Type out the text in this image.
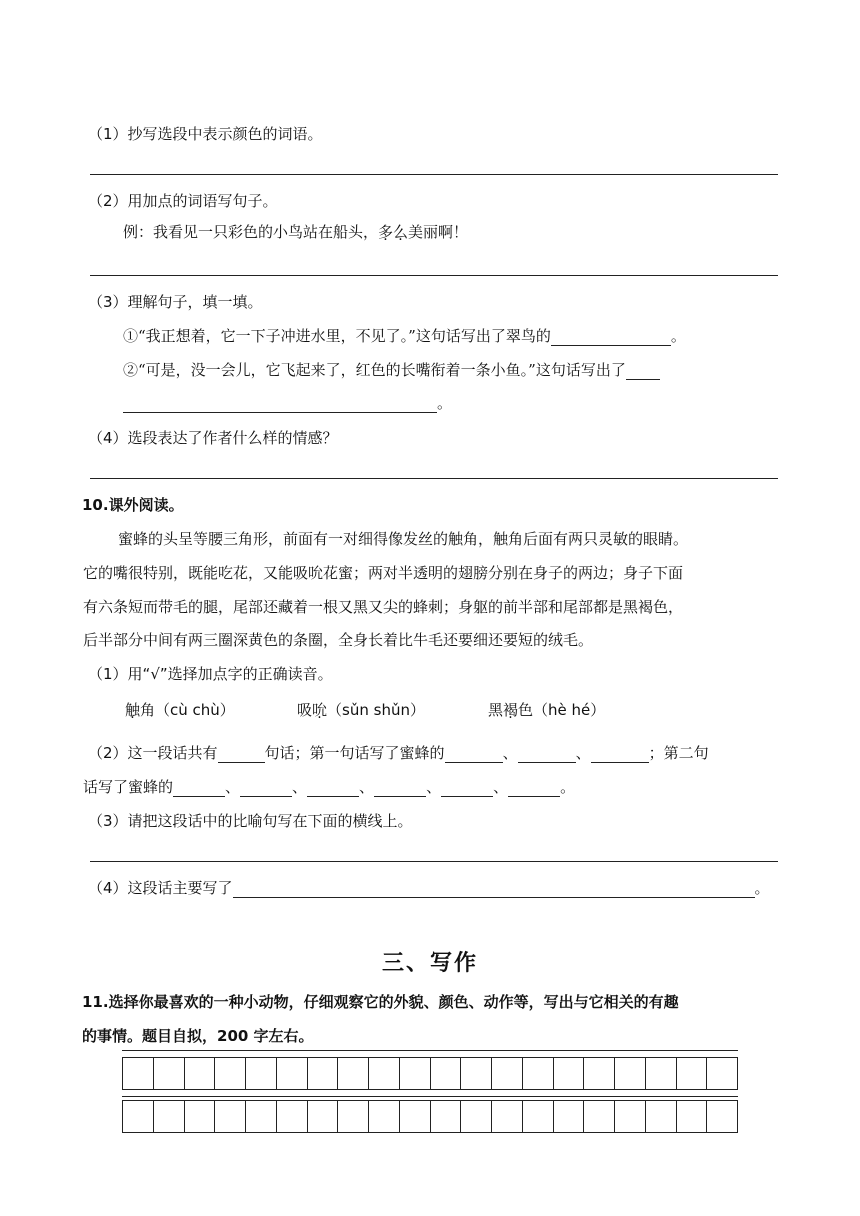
（1）抄写选段中表示颜色的词语。
（2）用加点的词语写句子。
例：我看见一只彩色的小鸟站在船头，多么美丽啊！
（3）理解句子，填一填。
①“我正想着，它一下子冲进水里，不见了。”这句话写出了翠鸟的	。
②“可是，没一会儿，它飞起来了，红色的长嘴衔着一条小鱼。”这句话写出了
。
（4）选段表达了作者什么样的情感？
10.课外阅读。
蜜蜂的头呈等腰三角形，前面有一对细得像发丝的触角，触角后面有两只灵敏的眼睛。
它的嘴很特别，既能吃花，又能吸吮花蜜；两对半透明的翅膀分别在身子的两边；身子下面
有六条短而带毛的腿，尾部还藏着一根又黑又尖的蜂刺；身躯的前半部和尾部都是黑褐色，
后半部分中间有两三圈深黄色的条圈，全身长着比牛毛还要细还要短的绒毛。
（1）用“√”选择加点字的正确读音。
触角（cù chù）	吸吮（sǔn shǔn）	黑褐色（hè hé）
（2）这一段话共有	句话；第一句话写了蜜蜂的	、	、	；第二句
话写了蜜蜂的	、	、	、	、	、	。
（3）请把这段话中的比喻句写在下面的横线上。
（4）这段话主要写了	。
三、写作
11.选择你最喜欢的一种小动物，仔细观察它的外貌、颜色、动作等，写出与它相关的有趣
的事情。题目自拟，200 字左右。
